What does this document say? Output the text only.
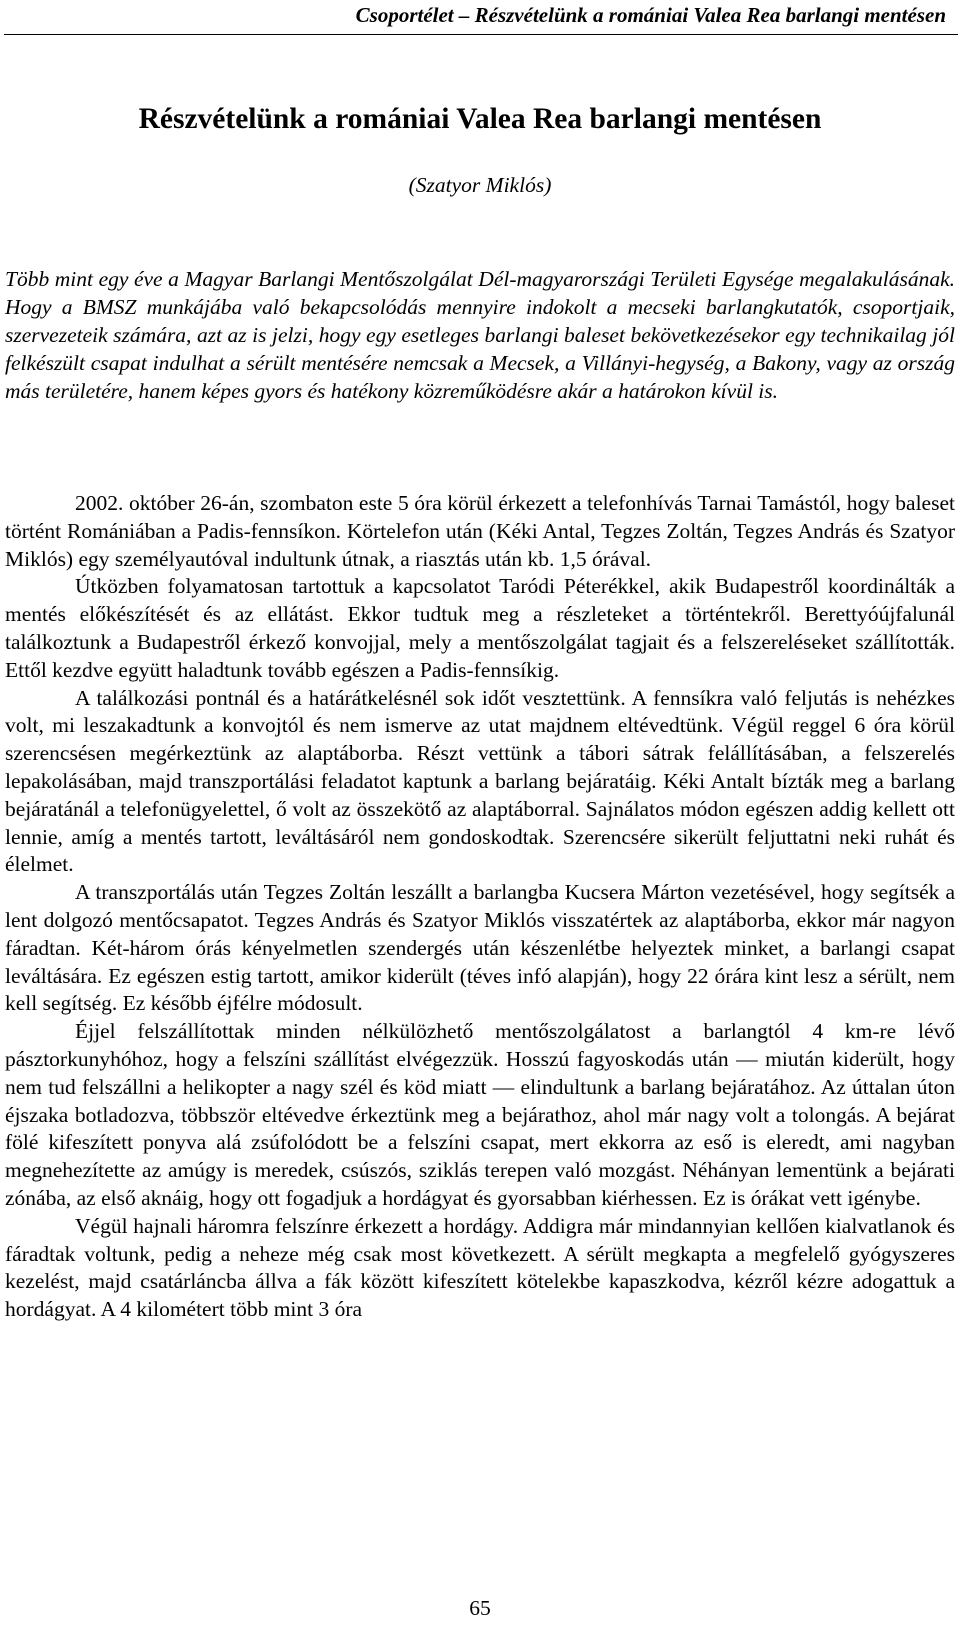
Csoportélet – Részvételünk a romániai Valea Rea barlangi mentésen
Részvételünk a romániai Valea Rea barlangi mentésen
(Szatyor Miklós)

Több mint egy éve a Magyar Barlangi Mentőszolgálat Dél-magyarországi Területi Egysége megalakulásának. Hogy a BMSZ munkájába való bekapcsolódás mennyire indokolt a mecseki barlangkutatók, csoportjaik, szervezeteik számára, azt az is jelzi, hogy egy esetleges barlangi baleset bekövetkezésekor egy technikailag jól felkészült csapat indulhat a sérült mentésére nemcsak a Mecsek, a Villányi-hegység, a Bakony, vagy az ország más területére, hanem képes gyors és hatékony közreműködésre akár a határokon kívül is.

2002. október 26-án, szombaton este 5 óra körül érkezett a telefonhívás Tarnai Tamástól, hogy baleset történt Romániában a Padis-fennsíkon. Körtelefon után (Kéki Antal, Tegzes Zoltán, Tegzes András és Szatyor Miklós) egy személyautóval indultunk útnak, a riasztás után kb. 1,5 órával.

Útközben folyamatosan tartottuk a kapcsolatot Taródi Péterékkel, akik Budapestről koordinálták a mentés előkészítését és az ellátást. Ekkor tudtuk meg a részleteket a történtekről. Berettyóújfalunál találkoztunk a Budapestről érkező konvojjal, mely a mentőszolgálat tagjait és a felszereléseket szállították. Ettől kezdve együtt haladtunk tovább egészen a Padis-fennsíkig.

A találkozási pontnál és a határátkelésnél sok időt vesztettünk. A fennsíkra való feljutás is nehézkes volt, mi leszakadtunk a konvojtól és nem ismerve az utat majdnem eltévedtünk. Végül reggel 6 óra körül szerencsésen megérkeztünk az alaptáborba. Részt vettünk a tábori sátrak felállításában, a felszerelés lepakolásában, majd transzportálási feladatot kaptunk a barlang bejáratáig. Kéki Antalt bízták meg a barlang bejáratánál a telefonügyelettel, ő volt az összekötő az alaptáborral. Sajnálatos módon egészen addig kellett ott lennie, amíg a mentés tartott, leváltásáról nem gondoskodtak. Szerencsére sikerült feljuttatni neki ruhát és élelmet.

A transzportálás után Tegzes Zoltán leszállt a barlangba Kucsera Márton vezetésével, hogy segítsék a lent dolgozó mentőcsapatot. Tegzes András és Szatyor Miklós visszatértek az alaptáborba, ekkor már nagyon fáradtan. Két-három órás kényelmetlen szendergés után készenlétbe helyeztek minket, a barlangi csapat leváltására. Ez egészen estig tartott, amikor kiderült (téves infó alapján), hogy 22 órára kint lesz a sérült, nem kell segítség. Ez később éjfélre módosult.

Éjjel felszállítottak minden nélkülözhető mentőszolgálatost a barlangtól 4 km-re lévő pásztorkunyhóhoz, hogy a felszíni szállítást elvégezzük. Hosszú fagyoskodás után ― miután kiderült, hogy nem tud felszállni a helikopter a nagy szél és köd miatt ― elindultunk a barlang bejáratához. Az úttalan úton éjszaka botladozva, többször eltévedve érkeztünk meg a bejárathoz, ahol már nagy volt a tolongás. A bejárat fölé kifeszített ponyva alá zsúfolódott be a felszíni csapat, mert ekkorra az eső is eleredt, ami nagyban megnehezítette az amúgy is meredek, csúszós, sziklás terepen való mozgást. Néhányan lementünk a bejárati zónába, az első aknáig, hogy ott fogadjuk a hordágyat és gyorsabban kiérhessen. Ez is órákat vett igénybe.

Végül hajnali háromra felszínre érkezett a hordágy. Addigra már mindannyian kellően kialvatlanok és fáradtak voltunk, pedig a neheze még csak most következett. A sérült megkapta a megfelelő gyógyszeres kezelést, majd csatárláncba állva a fák között kifeszített kötelekbe kapaszkodva, kézről kézre adogattuk a hordágyat. A 4 kilométert több mint 3 óra

65
